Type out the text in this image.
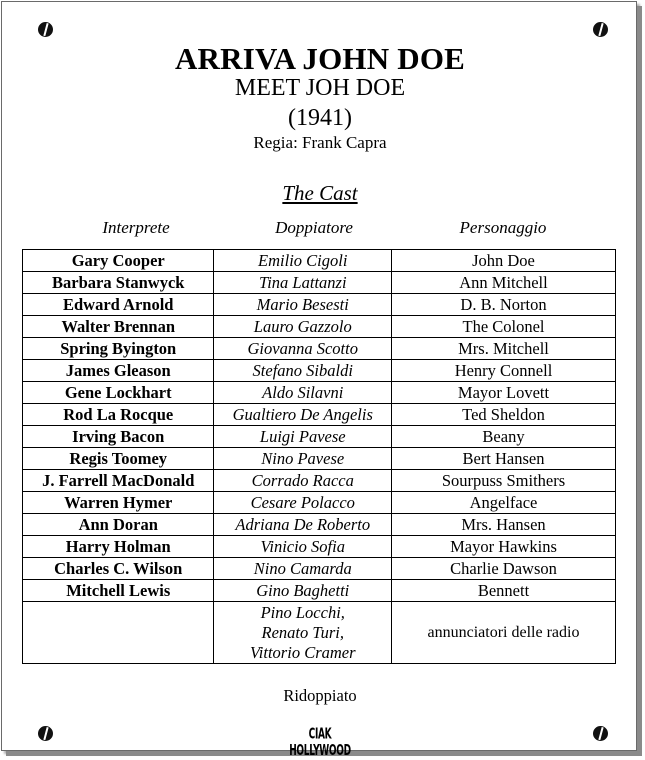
ARRIVA JOHN DOE
MEET JOH DOE
(1941)
Regia: Frank Capra
The Cast
Interprete	Doppiatore	Personaggio
Gary Cooper	Emilio Cigoli	John Doe
Barbara Stanwyck	Tina Lattanzi	Ann Mitchell
Edward Arnold	Mario Besesti	D. B. Norton
Walter Brennan	Lauro Gazzolo	The Colonel
Spring Byington	Giovanna Scotto	Mrs. Mitchell
James Gleason	Stefano Sibaldi	Henry Connell
Gene Lockhart	Aldo Silavni	Mayor Lovett
Rod La Rocque	Gualtiero De Angelis	Ted Sheldon
Irving Bacon	Luigi Pavese	Beany
Regis Toomey	Nino Pavese	Bert Hansen
J. Farrell MacDonald	Corrado Racca	Sourpuss Smithers
Warren Hymer	Cesare Polacco	Angelface
Ann Doran	Adriana De Roberto	Mrs. Hansen
Harry Holman	Vinicio Sofia	Mayor Hawkins
Charles C. Wilson	Nino Camarda	Charlie Dawson
Mitchell Lewis	Gino Baghetti	Bennett

	Pino Locchi,
Renato Turi,
Vittorio Cramer	annunciatori delle radio
Ridoppiato
CIAK HOLLYWOOD
